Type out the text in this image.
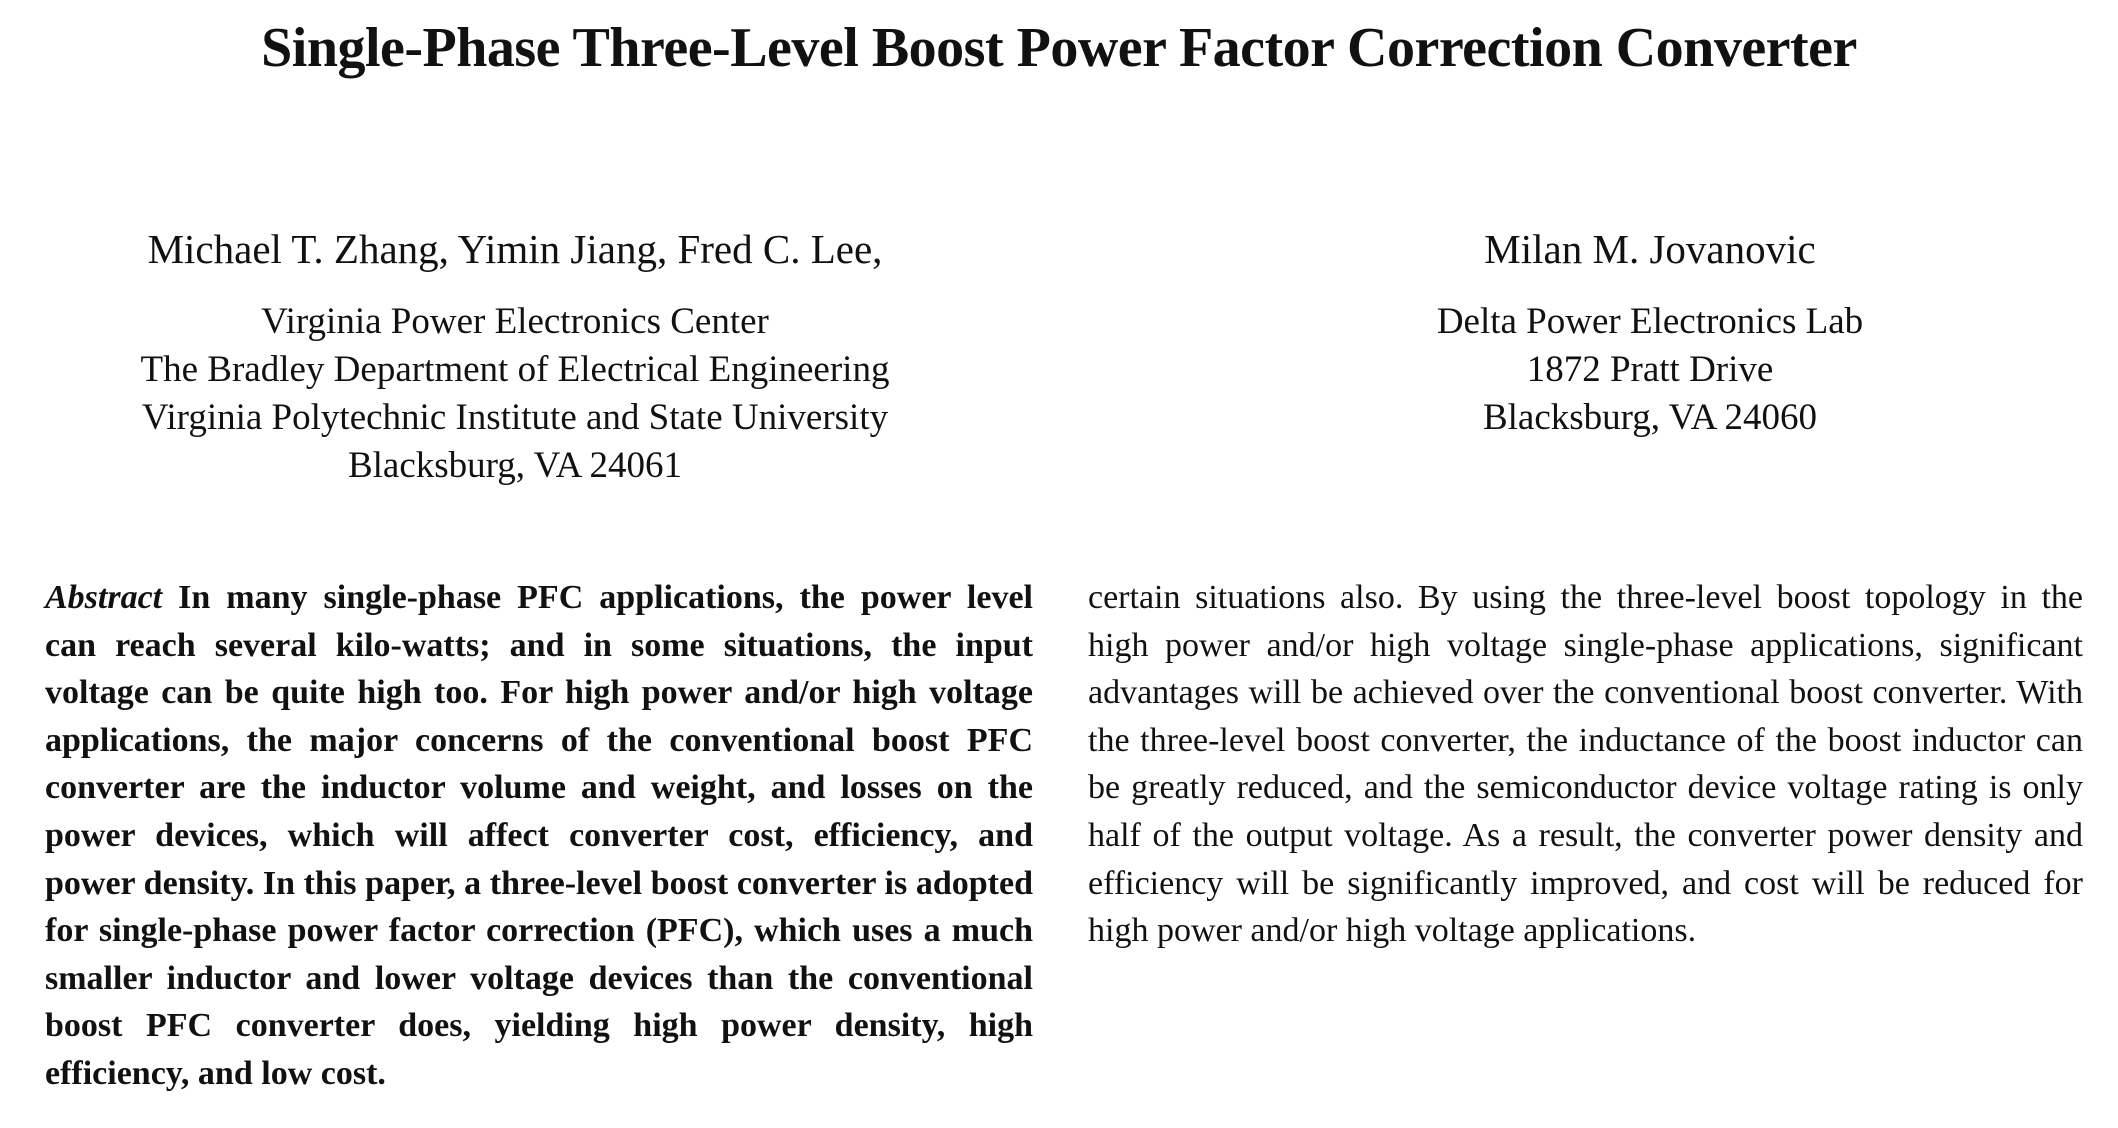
Single-Phase Three-Level Boost Power Factor Correction Converter
Michael T. Zhang, Yimin Jiang, Fred C. Lee,
Virginia Power Electronics Center
The Bradley Department of Electrical Engineering
Virginia Polytechnic Institute and State University
Blacksburg, VA 24061
Milan M. Jovanovic
Delta Power Electronics Lab
1872 Pratt Drive
Blacksburg, VA 24060
Abstract In many single-phase PFC applications, the power level can reach several kilo-watts; and in some situations, the input voltage can be quite high too. For high power and/or high voltage applications, the major concerns of the conventional boost PFC converter are the inductor volume and weight, and losses on the power devices, which will affect converter cost, efficiency, and power density. In this paper, a three-level boost converter is adopted for single-phase power factor correction (PFC), which uses a much smaller inductor and lower voltage devices than the conventional boost PFC converter does, yielding high power density, high efficiency, and low cost.
certain situations also. By using the three-level boost topology in the high power and/or high voltage single-phase applications, significant advantages will be achieved over the conventional boost converter. With the three-level boost converter, the inductance of the boost inductor can be greatly reduced, and the semiconductor device voltage rating is only half of the output voltage. As a result, the converter power density and efficiency will be significantly improved, and cost will be reduced for high power and/or high voltage applications.
